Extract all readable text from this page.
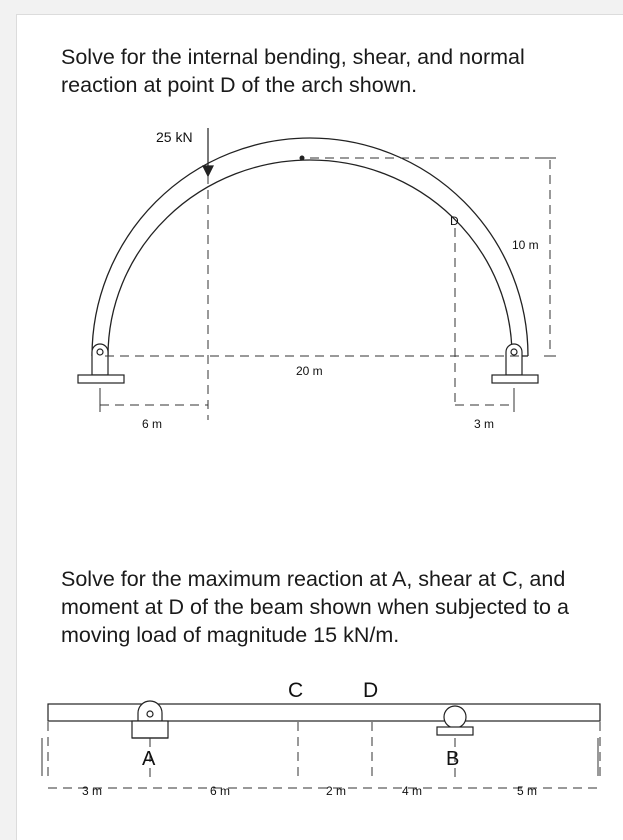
Solve for the internal bending, shear, and normal reaction at point D of the arch shown.

Solve for the maximum reaction at A, shear at C, and moment at D of the beam shown when subjected to a moving load of magnitude 15 kN/m.

25 kN
D
10 m
20 m
6 m	3 m
C	D
A	B
3 m	6 m	2 m	4 m	5 m
